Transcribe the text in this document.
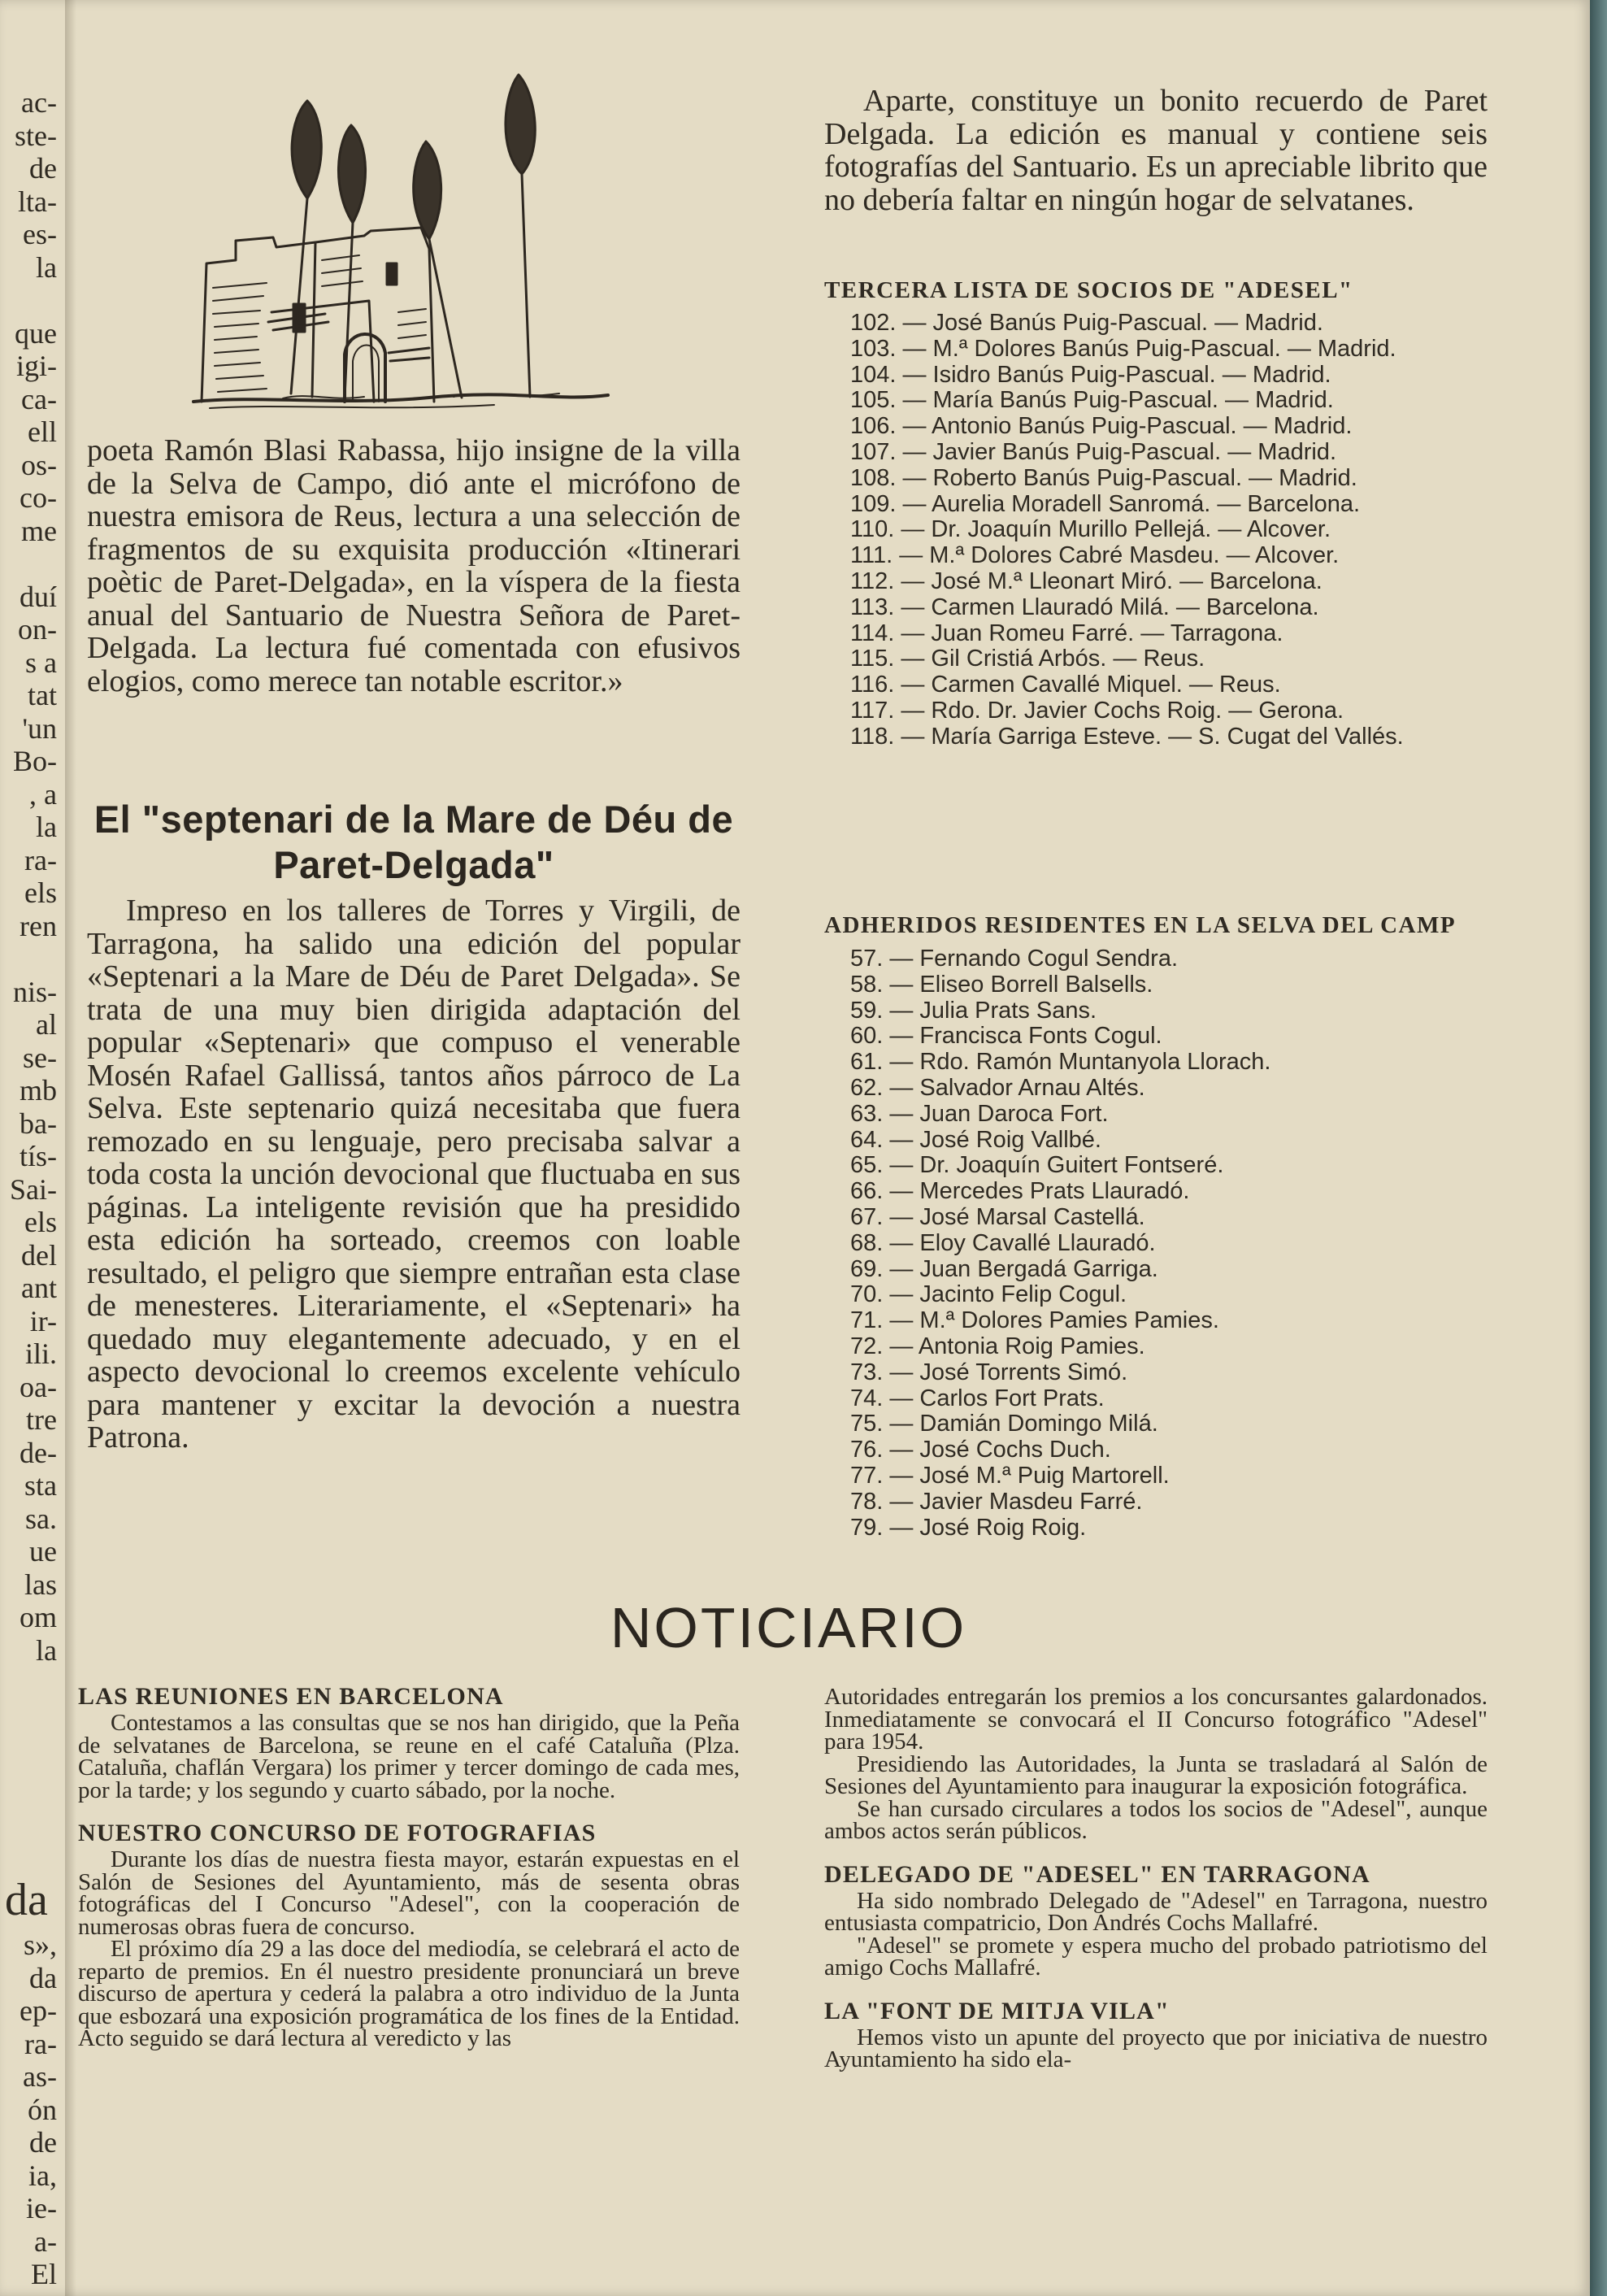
ac-
ste-
de
lta-
es-
la
que
igi-
ca-
ell
os-
co-
me
duí
on-
s a
tat
'un
Bo-
, a
la
ra-
els
ren
nis-
al
se-
mb
ba-
tís-
Sai-
els
del
ant
ir-
ili.
oa-
tre
de-
sta
sa.
ue
las
om
la
da
s»,
da
ep-
ra-
as-
ón
de
ia,
ie-
a-
El

poeta Ramón Blasi Rabassa, hijo insigne de la villa de la Selva de Campo, dió ante el micrófono de nuestra emisora de Reus, lectura a una selección de fragmentos de su exquisita producción «Itinerari poètic de Paret-Delgada», en la víspera de la fiesta anual del Santuario de Nuestra Señora de Paret-Delgada. La lectura fué comentada con efusivos elogios, como merece tan notable escritor.»

El "septenari de la Mare de Déu de Paret-Delgada"

Impreso en los talleres de Torres y Virgili, de Tarragona, ha salido una edición del popular «Septenari a la Mare de Déu de Paret Delgada». Se trata de una muy bien dirigida adaptación del popular «Septenari» que compuso el venerable Mosén Rafael Gallissá, tantos años párroco de La Selva. Este septenario quizá necesitaba que fuera remozado en su lenguaje, pero precisaba salvar a toda costa la unción devocional que fluctuaba en sus páginas. La inteligente revisión que ha presidido esta edición ha sorteado, creemos con loable resultado, el peligro que siempre entrañan esta clase de menesteres. Literariamente, el «Septenari» ha quedado muy elegantemente adecuado, y en el aspecto devocional lo creemos excelente vehículo para mantener y excitar la devoción a nuestra Patrona.

Aparte, constituye un bonito recuerdo de Paret Delgada. La edición es manual y contiene seis fotografías del Santuario. Es un apreciable librito que no debería faltar en ningún hogar de selvatanes.

TERCERA LISTA DE SOCIOS DE "ADESEL"
102. — José Banús Puig-Pascual. — Madrid.
103. — M.ª Dolores Banús Puig-Pascual. — Madrid.
104. — Isidro Banús Puig-Pascual. — Madrid.
105. — María Banús Puig-Pascual. — Madrid.
106. — Antonio Banús Puig-Pascual. — Madrid.
107. — Javier Banús Puig-Pascual. — Madrid.
108. — Roberto Banús Puig-Pascual. — Madrid.
109. — Aurelia Moradell Sanromá. — Barcelona.
110. — Dr. Joaquín Murillo Pellejá. — Alcover.
111. — M.ª Dolores Cabré Masdeu. — Alcover.
112. — José M.ª Lleonart Miró. — Barcelona.
113. — Carmen Llauradó Milá. — Barcelona.
114. — Juan Romeu Farré. — Tarragona.
115. — Gil Cristiá Arbós. — Reus.
116. — Carmen Cavallé Miquel. — Reus.
117. — Rdo. Dr. Javier Cochs Roig. — Gerona.
118. — María Garriga Esteve. — S. Cugat del Vallés.
ADHERIDOS RESIDENTES EN LA SELVA DEL CAMP
57. — Fernando Cogul Sendra.
58. — Eliseo Borrell Balsells.
59. — Julia Prats Sans.
60. — Francisca Fonts Cogul.
61. — Rdo. Ramón Muntanyola Llorach.
62. — Salvador Arnau Altés.
63. — Juan Daroca Fort.
64. — José Roig Vallbé.
65. — Dr. Joaquín Guitert Fontseré.
66. — Mercedes Prats Llauradó.
67. — José Marsal Castellá.
68. — Eloy Cavallé Llauradó.
69. — Juan Bergadá Garriga.
70. — Jacinto Felip Cogul.
71. — M.ª Dolores Pamies Pamies.
72. — Antonia Roig Pamies.
73. — José Torrents Simó.
74. — Carlos Fort Prats.
75. — Damián Domingo Milá.
76. — José Cochs Duch.
77. — José M.ª Puig Martorell.
78. — Javier Masdeu Farré.
79. — José Roig Roig.
NOTICIARIO
LAS REUNIONES EN BARCELONA

Contestamos a las consultas que se nos han dirigido, que la Peña de selvatanes de Barcelona, se reune en el café Cataluña (Plza. Cataluña, chaflán Vergara) los primer y tercer domingo de cada mes, por la tarde; y los segundo y cuarto sábado, por la noche.

NUESTRO CONCURSO DE FOTOGRAFIAS

Durante los días de nuestra fiesta mayor, estarán expuestas en el Salón de Sesiones del Ayuntamiento, más de sesenta obras fotográficas del I Concurso "Adesel", con la cooperación de numerosas obras fuera de concurso.

El próximo día 29 a las doce del mediodía, se celebrará el acto de reparto de premios. En él nuestro presidente pronunciará un breve discurso de apertura y cederá la palabra a otro individuo de la Junta que esbozará una exposición programática de los fines de la Entidad. Acto seguido se dará lectura al veredicto y las

Autoridades entregarán los premios a los concursantes galardonados. Inmediatamente se convocará el II Concurso fotográfico "Adesel" para 1954.

Presidiendo las Autoridades, la Junta se trasladará al Salón de Sesiones del Ayuntamiento para inaugurar la exposición fotográfica.

Se han cursado circulares a todos los socios de "Adesel", aunque ambos actos serán públicos.

DELEGADO DE "ADESEL" EN TARRAGONA

Ha sido nombrado Delegado de "Adesel" en Tarragona, nuestro entusiasta compatricio, Don Andrés Cochs Mallafré.

"Adesel" se promete y espera mucho del probado patriotismo del amigo Cochs Mallafré.

LA "FONT DE MITJA VILA"

Hemos visto un apunte del proyecto que por iniciativa de nuestro Ayuntamiento ha sido ela-
